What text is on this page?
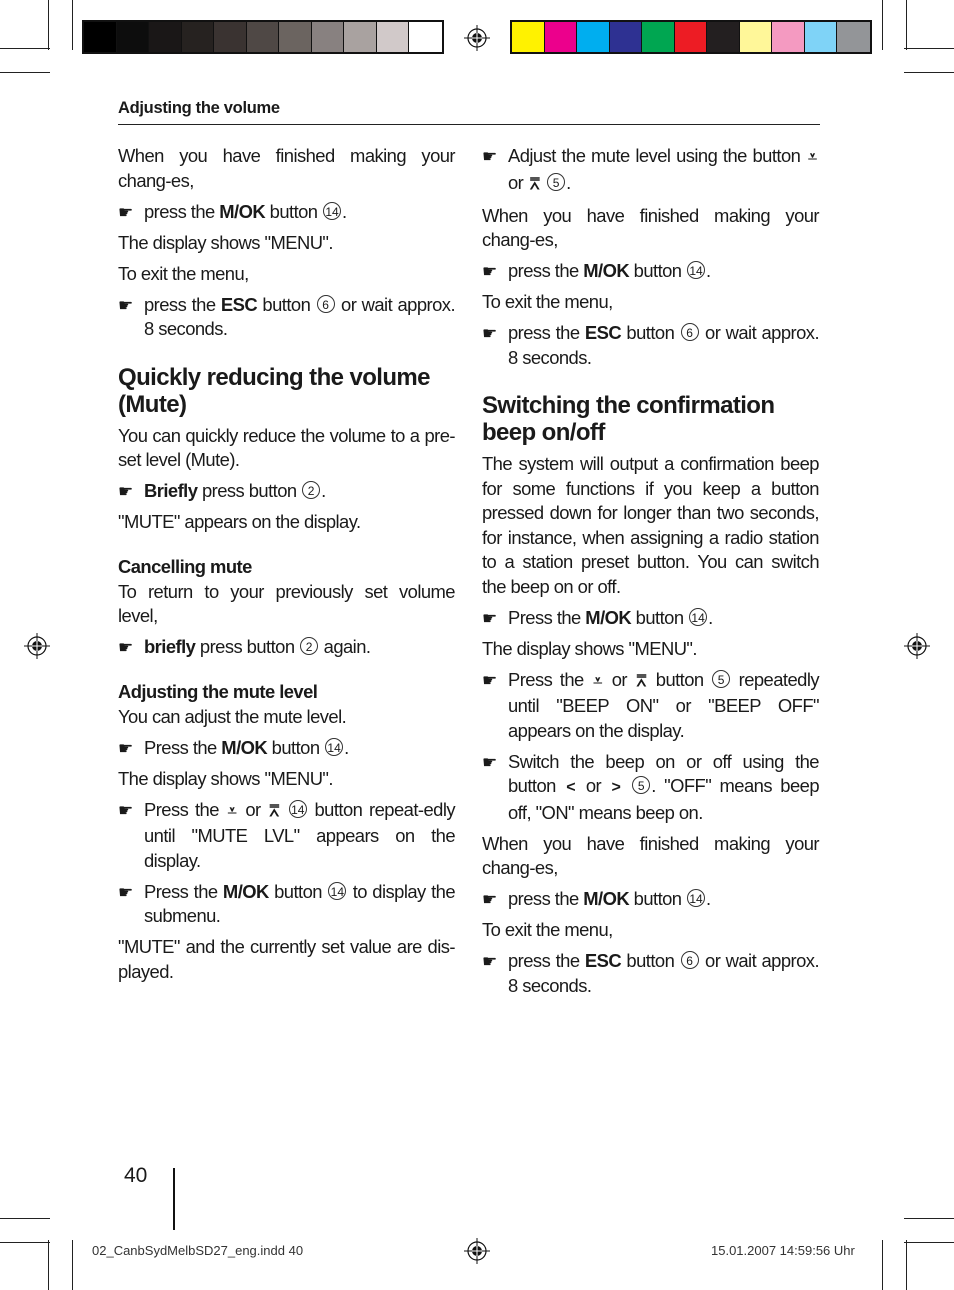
Adjusting the volume

When you have finished making your chang-es,

☛ press the M/OK button 14 .

The display shows "MENU".

To exit the menu,

☛ press the ESC button 6 or wait approx. 8 seconds.
Quickly reducing the volume (Mute)

You can quickly reduce the volume to a pre-set level (Mute).

☛ Briefly press button 2 .

"MUTE" appears on the display.

Cancelling mute

To return to your previously set volume level,

☛ briefly press button 2 again.
Adjusting the mute level

You can adjust the mute level.

☛ Press the M/OK button 14 .

The display shows "MENU".

☛ Press the ⩡ or ⩞ 14 button repeat-edly until "MUTE LVL" appears on the display.
☛ Press the M/OK button 14 to display the submenu.

"MUTE" and the currently set value are dis-played.

☛ Adjust the mute level using the button ⩡ or ⩞ 5 .

When you have finished making your chang-es,

☛ press the M/OK button 14 .

To exit the menu,

☛ press the ESC button 6 or wait approx. 8 seconds.
Switching the confirmation beep on/off

The system will output a confirmation beep for some functions if you keep a button pressed down for longer than two seconds, for instance, when assigning a radio station to a station preset button. You can switch the beep on or off.

☛ Press the M/OK button 14 .

The display shows "MENU".

☛ Press the ⩡ or ⩞ button 5 repeatedly until "BEEP ON" or "BEEP OFF" appears on the display.
☛ Switch the beep on or off using the button < or > 5 . "OFF" means beep off, "ON" means beep on.

When you have finished making your chang-es,

☛ press the M/OK button 14 .

To exit the menu,

☛ press the ESC button 6 or wait approx. 8 seconds.
40
02_CanbSydMelbSD27_eng.indd 40	15.01.2007 14:59:56 Uhr
